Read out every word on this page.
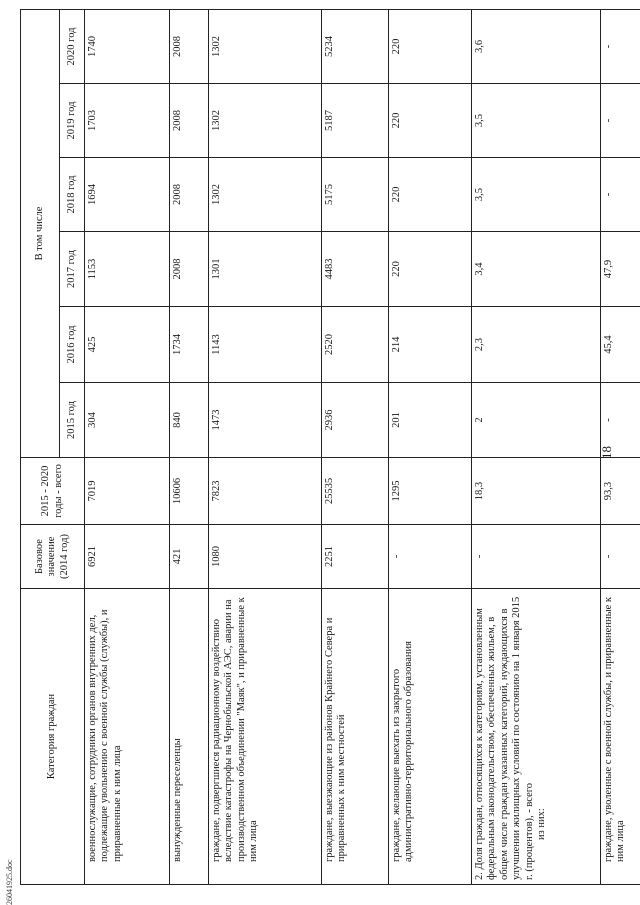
26041925.doc
18
Категория граждан	Базовое значение (2014 год)	2015 - 2020 годы - всего	В том числе					
			2015 год	2016 год	2017 год	2018 год	2019 год	2020 год
военнослужащие, сотрудники органов внутренних дел, подлежащие увольнению с военной службы (службы), и приравненные к ним лица	6921	7019	304	425	1153	1694	1703	1740
вынужденные переселенцы	421	10606	840	1734	2008	2008	2008	2008
граждане, подвергшиеся радиационному воздействию вследствие катастрофы на Чернобыльской АЭС, аварии на производственном объединении "Маяк", и приравненные к ним лица	1080	7823	1473	1143	1301	1302	1302	1302
граждане, выезжающие из районов Крайнего Севера и приравненных к ним местностей	2251	25535	2936	2520	4483	5175	5187	5234
граждане, желающие выехать из закрытого административно-территориального образования	-	1295	201	214	220	220	220	220
2. Доля граждан, относящихся к категориям, установленным федеральным законодательством, обеспеченных жильем, в общем числе граждан указанных категорий, нуждающихся в улучшении жилищных условий по состоянию на 1 января 2015 г. (процентов), - всего из них:	-	18,3	2	2,3	3,4	3,5	3,5	3,6
граждане, уволенные с военной службы, и приравненные к ним лица	-	93,3	-	45,4	47,9	-	-	-
